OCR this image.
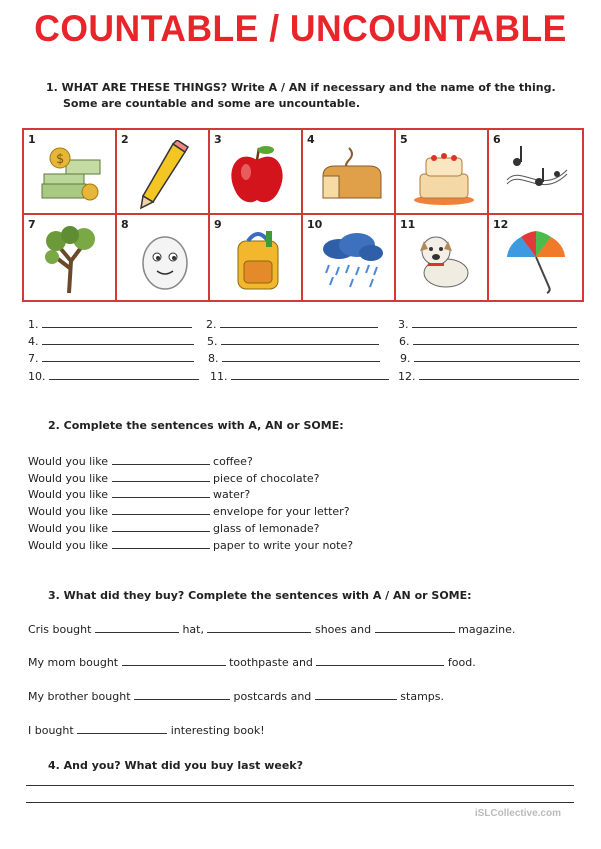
COUNTABLE / UNCOUNTABLE
1. WHAT ARE THESE THINGS? Write A / AN if necessary and the name of the thing.
Some are countable and some are uncountable.
1
$
2	3	4	5	6
7	8	9	10	11	12
1.	2.	3.
4.	5.	6.
7.	8.	9.
10.	11.	12.
2. Complete the sentences with A, AN or SOME:
Would you like	coffee?
Would you like	piece of chocolate?
Would you like	water?
Would you like	envelope for your letter?
Would you like	glass of lemonade?
Would you like	paper to write your note?
3. What did they buy? Complete the sentences with A / AN or SOME:
Cris bought	hat,	shoes and	magazine.
My mom bought	toothpaste and	food.
My brother bought	postcards and	stamps.
I bought	interesting book!
4. And you? What did you buy last week?
iSLCollective.com
